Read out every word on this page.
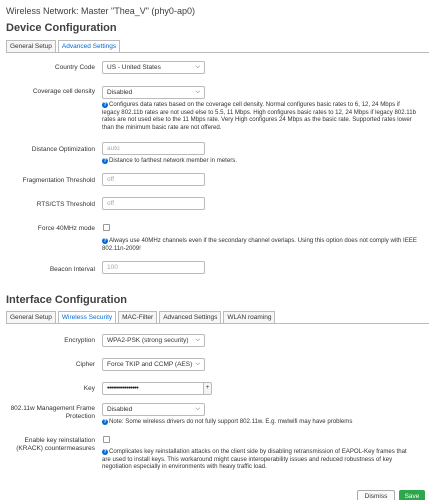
Wireless Network: Master "Thea_V" (phy0-ap0)
Device Configuration
General Setup	Advanced Settings
Country Code	US - United States	⌵
Coverage cell density	Disabled	⌵
? Configures data rates based on the coverage cell density. Normal configures basic rates to 6, 12, 24 Mbps if legacy 802.11b rates are not used else to 5.5, 11 Mbps. High configures basic rates to 12, 24 Mbps if legacy 802.11b rates are not used else to the 11 Mbps rate. Very High configures 24 Mbps as the basic rate. Supported rates lower than the minimum basic rate are not offered.
Distance Optimization	auto
? Distance to farthest network member in meters.
Fragmentation Threshold	off
RTS/CTS Threshold	off
Force 40MHz mode
? Always use 40MHz channels even if the secondary channel overlaps. Using this option does not comply with IEEE 802.11n-2009!
Beacon Interval	100
Interface Configuration
General Setup	Wireless Security	MAC-Filter	Advanced Settings	WLAN roaming
Encryption	WPA2-PSK (strong security) ⌵
Cipher	Force TKIP and CCMP (AES) ⌵
Key	••••••••••••••••	+
802.11w Management Frame Protection
Disabled	⌵
? Note: Some wireless drivers do not fully support 802.11w. E.g. mwlwifi may have problems
Enable key reinstallation (KRACK) countermeasures ? Complicates key reinstallation attacks on the client side by disabling retransmission of EAPOL-Key frames that are used to install keys. This workaround might cause interoperability issues and reduced robustness of key negotiation especially in environments with heavy traffic load.
Dismiss	Save
